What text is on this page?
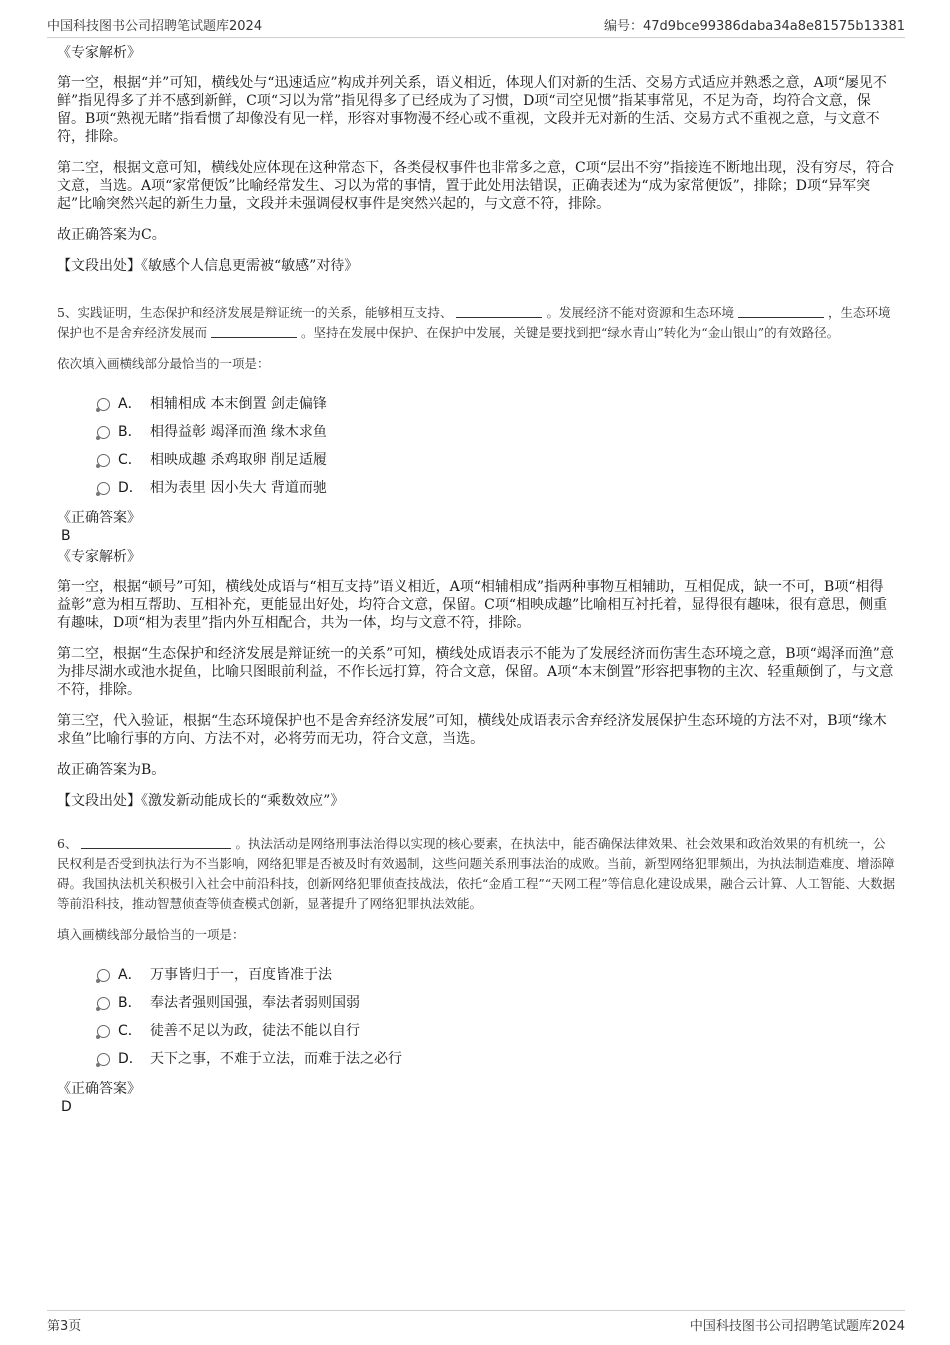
中国科技图书公司招聘笔试题库2024	编号：47d9bce99386daba34a8e81575b13381

《专家解析》

第一空，根据“并”可知，横线处与“迅速适应”构成并列关系，语义相近，体现人们对新的生活、交易方式适应并熟悉之意，A项“屡见不鲜”指见得多了并不感到新鲜，C项“习以为常”指见得多了已经成为了习惯，D项“司空见惯”指某事常见，不足为奇，均符合文意，保留。B项“熟视无睹”指看惯了却像没有见一样，形容对事物漫不经心或不重视，文段并无对新的生活、交易方式不重视之意，与文意不符，排除。

第二空，根据文意可知，横线处应体现在这种常态下，各类侵权事件也非常多之意，C项“层出不穷”指接连不断地出现，没有穷尽，符合文意，当选。A项“家常便饭”比喻经常发生、习以为常的事情，置于此处用法错误，正确表述为“成为家常便饭”，排除；D项“异军突起”比喻突然兴起的新生力量，文段并未强调侵权事件是突然兴起的，与文意不符，排除。

故正确答案为C。

【文段出处】《敏感个人信息更需被“敏感”对待》

5、实践证明，生态保护和经济发展是辩证统一的关系，能够相互支持、	。发展经济不能对资源和生态环境	，生态环境保护也不是舍弃经济发展而	。坚持在发展中保护、在保护中发展，关键是要找到把“绿水青山”转化为“金山银山”的有效路径。

依次填入画横线部分最恰当的一项是：

A． 相辅相成 本末倒置 剑走偏锋
B． 相得益彰 竭泽而渔 缘木求鱼
C． 相映成趣 杀鸡取卵 削足适履
D． 相为表里 因小失大 背道而驰

《正确答案》

B

《专家解析》

第一空，根据“顿号”可知，横线处成语与“相互支持”语义相近，A项“相辅相成”指两种事物互相辅助，互相促成，缺一不可，B项“相得益彰”意为相互帮助、互相补充，更能显出好处，均符合文意，保留。C项“相映成趣”比喻相互衬托着，显得很有趣味，很有意思，侧重有趣味，D项“相为表里”指内外互相配合，共为一体，均与文意不符，排除。

第二空，根据“生态保护和经济发展是辩证统一的关系”可知，横线处成语表示不能为了发展经济而伤害生态环境之意，B项“竭泽而渔”意为排尽湖水或池水捉鱼，比喻只图眼前利益，不作长远打算，符合文意，保留。A项“本末倒置”形容把事物的主次、轻重颠倒了，与文意不符，排除。

第三空，代入验证，根据“生态环境保护也不是舍弃经济发展”可知，横线处成语表示舍弃经济发展保护生态环境的方法不对，B项“缘木求鱼”比喻行事的方向、方法不对，必将劳而无功，符合文意，当选。

故正确答案为B。

【文段出处】《激发新动能成长的“乘数效应”》

6、	。执法活动是网络刑事法治得以实现的核心要素，在执法中，能否确保法律效果、社会效果和政治效果的有机统一，公民权利是否受到执法行为不当影响，网络犯罪是否被及时有效遏制，这些问题关系刑事法治的成败。当前，新型网络犯罪频出，为执法制造难度、增添障碍。我国执法机关积极引入社会中前沿科技，创新网络犯罪侦查技战法，依托“金盾工程”“天网工程”等信息化建设成果，融合云计算、人工智能、大数据等前沿科技，推动智慧侦查等侦查模式创新，显著提升了网络犯罪执法效能。

填入画横线部分最恰当的一项是：

A． 万事皆归于一，百度皆准于法
B． 奉法者强则国强，奉法者弱则国弱
C． 徒善不足以为政，徒法不能以自行
D． 天下之事，不难于立法，而难于法之必行

《正确答案》

D

第3页	中国科技图书公司招聘笔试题库2024
